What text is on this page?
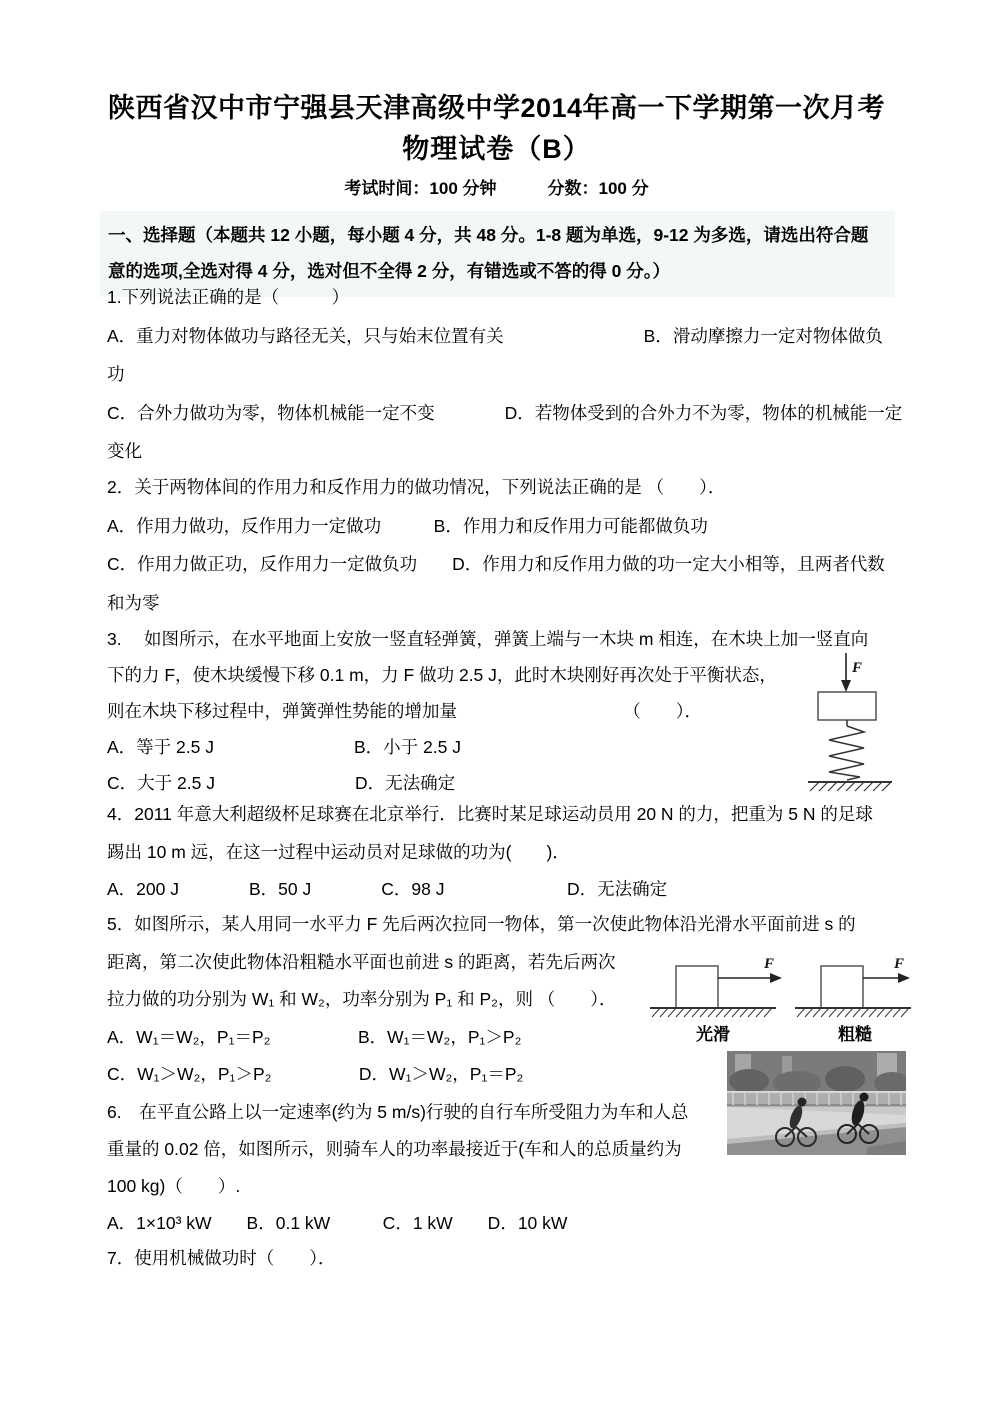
陕西省汉中市宁强县天津高级中学2014年高一下学期第一次月考
物理试卷（B）
考试时间：100 分钟　　　分数：100 分
一、选择题（本题共 12 小题，每小题 4 分，共 48 分。1-8 题为单选，9-12 为多选，请选出符合题
意的选项,全选对得 4 分，选对但不全得 2 分，有错选或不答的得 0 分。）
1.下列说法正确的是（　　　）
A．重力对物体做功与路径无关，只与始末位置有关　　　　　　　　B．滑动摩擦力一定对物体做负
功
C．合外力做功为零，物体机械能一定不变　　　　D．若物体受到的合外力不为零，物体的机械能一定
变化
2．关于两物体间的作用力和反作用力的做功情况，下列说法正确的是 （　　）．
A．作用力做功，反作用力一定做功　　　B．作用力和反作用力可能都做负功
C．作用力做正功，反作用力一定做负功　　D．作用力和反作用力做的功一定大小相等，且两者代数
和为零
3.　 如图所示，在水平地面上安放一竖直轻弹簧，弹簧上端与一木块 m 相连，在木块上加一竖直向
下的力 F，使木块缓慢下移 0.1 m，力 F 做功 2.5 J，此时木块刚好再次处于平衡状态，
则在木块下移过程中，弹簧弹性势能的增加量　　　　　　　　　　（　　）．
A．等于 2.5 J　　　　　　　　B．小于 2.5 J
C．大于 2.5 J　　　　　　　　D．无法确定
4．2011 年意大利超级杯足球赛在北京举行．比赛时某足球运动员用 20 N 的力，把重为 5 N 的足球
踢出 10 m 远，在这一过程中运动员对足球做的功为(　　)．
A．200 J　　　　B．50 J　　　　C．98 J　　　　　　　D．无法确定
5．如图所示，某人用同一水平力 F 先后两次拉同一物体，第一次使此物体沿光滑水平面前进 s 的
距离，第二次使此物体沿粗糙水平面也前进 s 的距离，若先后两次
拉力做的功分别为 W₁ 和 W₂，功率分别为 P₁ 和 P₂，则 （　　）．
A．W₁＝W₂，P₁＝P₂　　　　　B．W₁＝W₂，P₁＞P₂
C．W₁＞W₂，P₁＞P₂　　　　　D．W₁＞W₂，P₁＝P₂
6.　在平直公路上以一定速率(约为 5 m/s)行驶的自行车所受阻力为车和人总
重量的 0.02 倍，如图所示，则骑车人的功率最接近于(车和人的总质量约为
100 kg)（　　）.
A．1×10³ kW　　B．0.1 kW　　　C．1 kW　　D．10 kW
7．使用机械做功时（　　）．
F
F
光滑
F
粗糙
